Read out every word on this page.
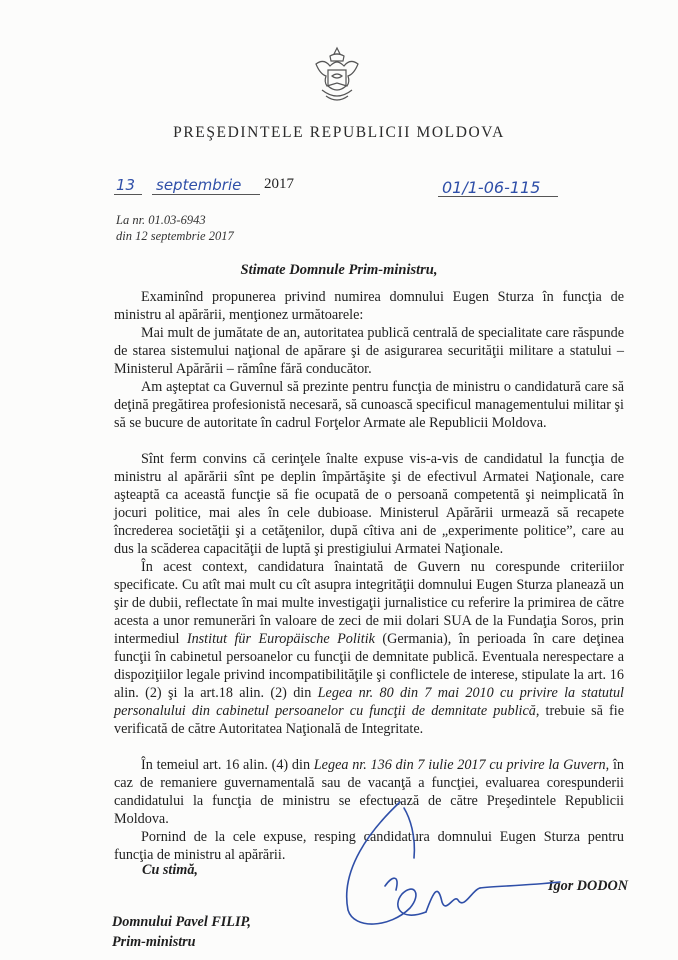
PREŞEDINTELE REPUBLICII MOLDOVA
13 septembrie 2017	01/1-06-115
La nr. 01.03-6943
din 12 septembrie 2017
Stimate Domnule Prim-ministru,
Examinînd propunerea privind numirea domnului Eugen Sturza în funcţia de ministru al apărării, menţionez următoarele:
Mai mult de jumătate de an, autoritatea publică centrală de specialitate care răspunde de starea sistemului naţional de apărare şi de asigurarea securităţii militare a statului – Ministerul Apărării – rămîne fără conducător.
Am aşteptat ca Guvernul să prezinte pentru funcţia de ministru o candidatură care să deţină pregătirea profesionistă necesară, să cunoască specificul managementului militar şi să se bucure de autoritate în cadrul Forţelor Armate ale Republicii Moldova.
Sînt ferm convins că cerinţele înalte expuse vis-a-vis de candidatul la funcţia de ministru al apărării sînt pe deplin împărtăşite şi de efectivul Armatei Naţionale, care aşteaptă ca această funcţie să fie ocupată de o persoană competentă şi neimplicată în jocuri politice, mai ales în cele dubioase. Ministerul Apărării urmează să recapete încrederea societăţii şi a cetăţenilor, după cîtiva ani de „experimente politice”, care au dus la scăderea capacităţii de luptă şi prestigiului Armatei Naţionale.
În acest context, candidatura înaintată de Guvern nu corespunde criteriilor specificate. Cu atît mai mult cu cît asupra integrităţii domnului Eugen Sturza planează un şir de dubii, reflectate în mai multe investigaţii jurnalistice cu referire la primirea de către acesta a unor remunerări în valoare de zeci de mii dolari SUA de la Fundaţia Soros, prin intermediul Institut für Europäische Politik (Germania), în perioada în care deţinea funcţii în cabinetul persoanelor cu funcţii de demnitate publică. Eventuala nerespectare a dispoziţiilor legale privind incompatibilităţile şi conflictele de interese, stipulate la art. 16 alin. (2) şi la art.18 alin. (2) din Legea nr. 80 din 7 mai 2010 cu privire la statutul personalului din cabinetul persoanelor cu funcţii de demnitate publică, trebuie să fie verificată de către Autoritatea Naţională de Integritate.
În temeiul art. 16 alin. (4) din Legea nr. 136 din 7 iulie 2017 cu privire la Guvern, în caz de remaniere guvernamentală sau de vacanţă a funcţiei, evaluarea corespunderii candidatului la funcţia de ministru se efectuează de către Preşedintele Republicii Moldova.
Pornind de la cele expuse, resping candidatura domnului Eugen Sturza pentru funcţia de ministru al apărării.
Cu stimă,
Igor DODON
Domnului Pavel FILIP,
Prim-ministru
